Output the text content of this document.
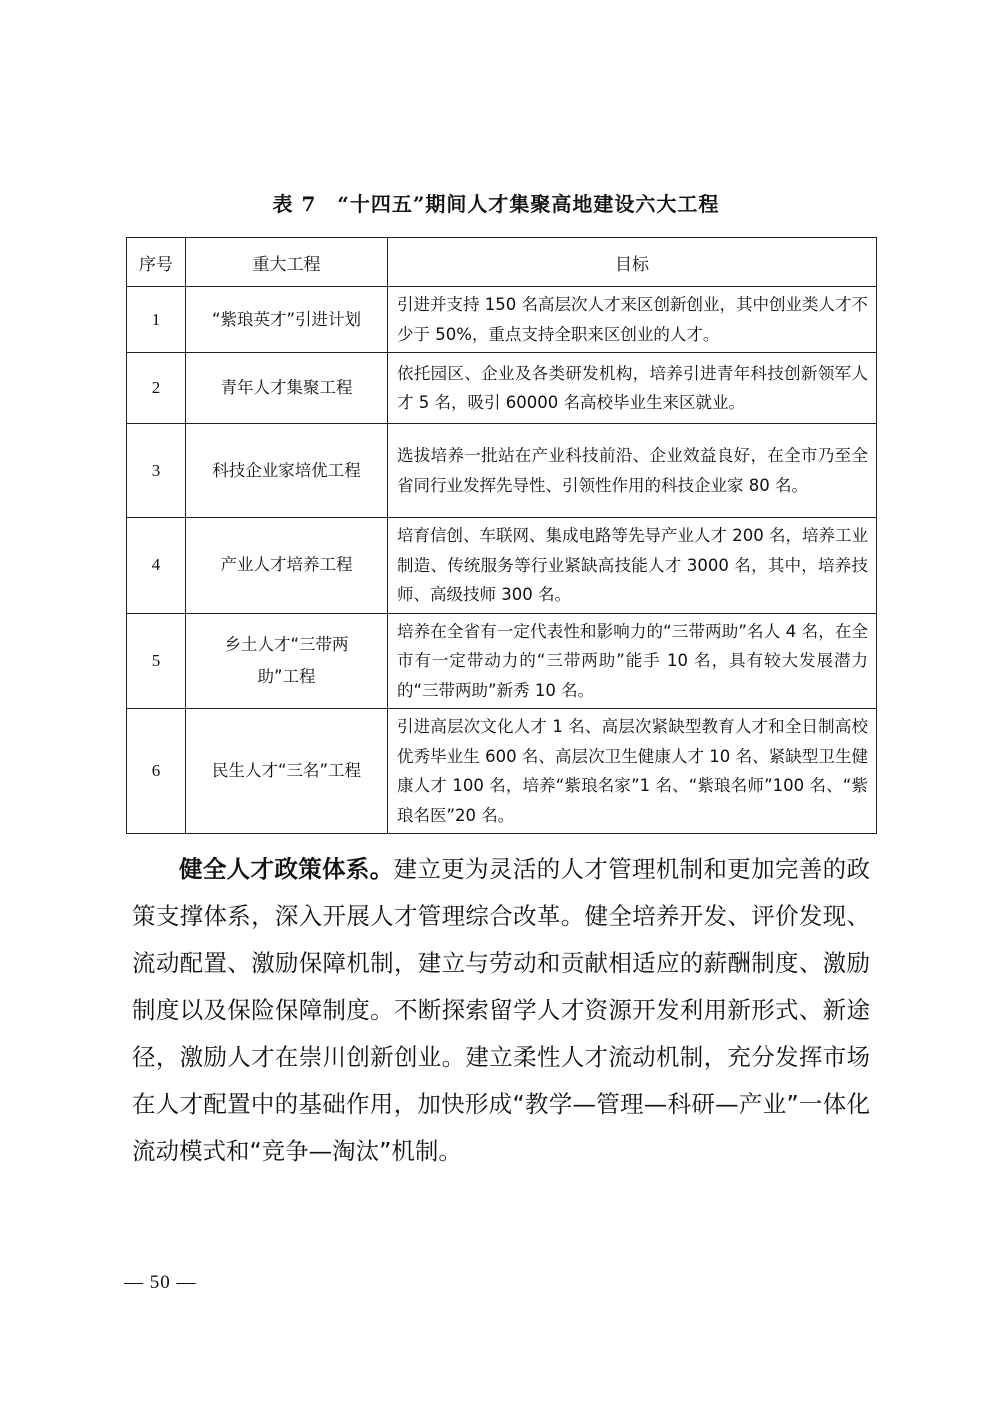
表 7　“十四五”期间人才集聚高地建设六大工程
序号	重大工程	目标
1	“紫琅英才”引进计划	引进并支持 150 名高层次人才来区创新创业，其中创业类人才不少于 50%，重点支持全职来区创业的人才。
2	青年人才集聚工程	依托园区、企业及各类研发机构，培养引进青年科技创新领军人才 5 名，吸引 60000 名高校毕业生来区就业。
3	科技企业家培优工程	选拔培养一批站在产业科技前沿、企业效益良好，在全市乃至全省同行业发挥先导性、引领性作用的科技企业家 80 名。
4	产业人才培养工程	培育信创、车联网、集成电路等先导产业人才 200 名，培养工业制造、传统服务等行业紧缺高技能人才 3000 名，其中，培养技师、高级技师 300 名。
5	乡土人才“三带两助”工程	培养在全省有一定代表性和影响力的“三带两助”名人 4 名，在全市有一定带动力的“三带两助”能手 10 名，具有较大发展潜力的“三带两助”新秀 10 名。
6	民生人才“三名”工程	引进高层次文化人才 1 名、高层次紧缺型教育人才和全日制高校优秀毕业生 600 名、高层次卫生健康人才 10 名、紧缺型卫生健康人才 100 名，培养“紫琅名家”1 名、“紫琅名师”100 名、“紫琅名医”20 名。
健全人才政策体系。建立更为灵活的人才管理机制和更加完善的政策支撑体系，深入开展人才管理综合改革。健全培养开发、评价发现、流动配置、激励保障机制，建立与劳动和贡献相适应的薪酬制度、激励制度以及保险保障制度。不断探索留学人才资源开发利用新形式、新途径，激励人才在崇川创新创业。建立柔性人才流动机制，充分发挥市场在人才配置中的基础作用，加快形成“教学—管理—科研—产业”一体化流动模式和“竞争—淘汰”机制。
— 50 —
